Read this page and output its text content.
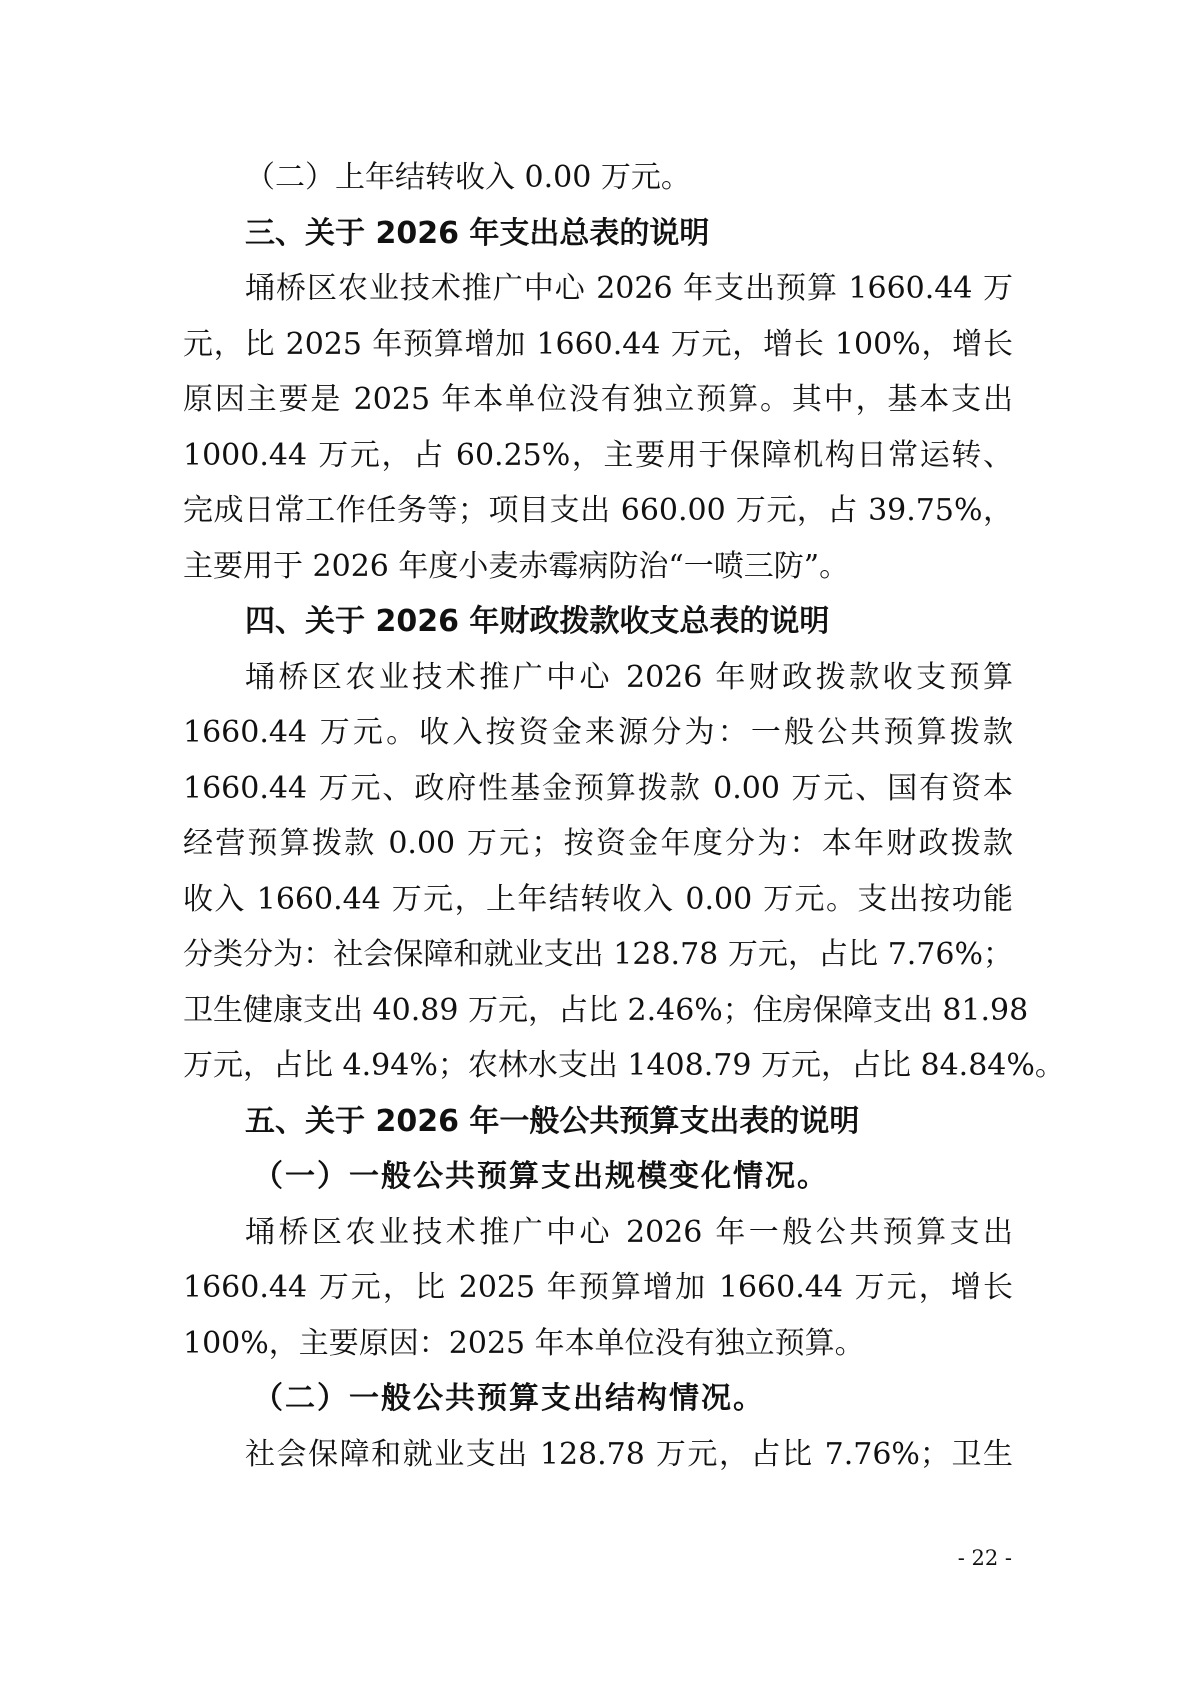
（二）上年结转收入 0.00 万元。
三、关于 2026 年支出总表的说明
埇桥区农业技术推广中心 2026 年支出预算 1660.44 万
元，比 2025 年预算增加 1660.44 万元，增长 100%，增长
原因主要是 2025 年本单位没有独立预算。其中，基本支出
1000.44 万元，占 60.25%，主要用于保障机构日常运转、
完成日常工作任务等；项目支出 660.00 万元，占 39.75%，
主要用于 2026 年度小麦赤霉病防治“一喷三防”。
四、关于 2026 年财政拨款收支总表的说明
埇桥区农业技术推广中心 2026 年财政拨款收支预算
1660.44 万元。收入按资金来源分为：一般公共预算拨款
1660.44 万元、政府性基金预算拨款 0.00 万元、国有资本
经营预算拨款 0.00 万元；按资金年度分为：本年财政拨款
收入 1660.44 万元，上年结转收入 0.00 万元。支出按功能
分类分为：社会保障和就业支出 128.78 万元，占比 7.76%；
卫生健康支出 40.89 万元，占比 2.46%；住房保障支出 81.98
万元，占比 4.94%；农林水支出 1408.79 万元，占比 84.84%。
五、关于 2026 年一般公共预算支出表的说明
（一）一般公共预算支出规模变化情况。
埇桥区农业技术推广中心 2026 年一般公共预算支出
1660.44 万元，比 2025 年预算增加 1660.44 万元，增长
100%，主要原因：2025 年本单位没有独立预算。
（二）一般公共预算支出结构情况。
社会保障和就业支出 128.78 万元，占比 7.76%；卫生
- 22 -
